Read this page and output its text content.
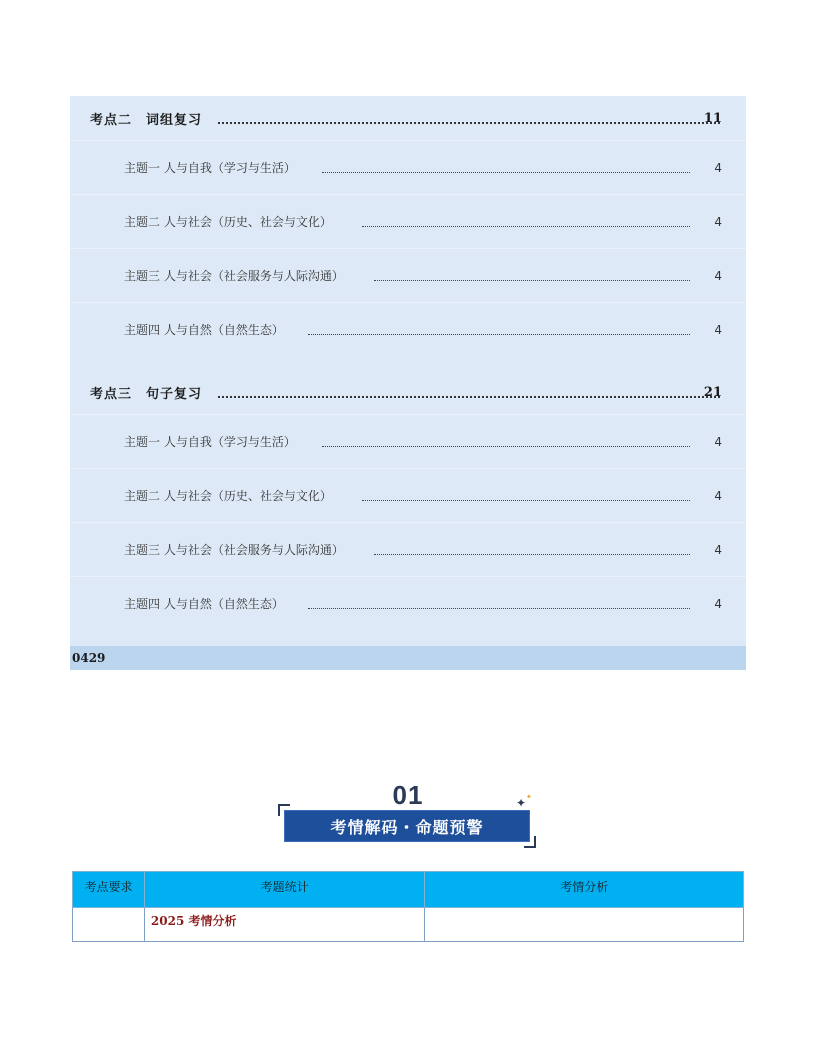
考点二　词组复习	11
主题一 人与自我（学习与生活）	4
主题二 人与社会（历史、社会与文化）	4
主题三 人与社会（社会服务与人际沟通）	4
主题四 人与自然（自然生态）	4
考点三　句子复习	21
主题一 人与自我（学习与生活）	4
主题二 人与社会（历史、社会与文化）	4
主题三 人与社会（社会服务与人际沟通）	4
主题四 人与自然（自然生态）	4
0429
01
考情解码・命题预警
✦ ✦
考点要求	考题统计	考情分析
	2025 考情分析	
